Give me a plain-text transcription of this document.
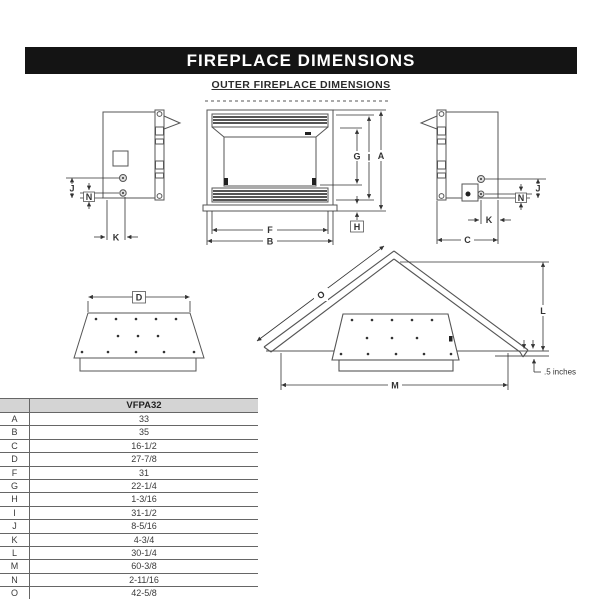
FIREPLACE DIMENSIONS
OUTER FIREPLACE DIMENSIONS
J
N
K
G I A
H
F
B
J
N
K
C
D	O
M
L
.5 inches
VFPA32
A	33
B	35
C	16-1/2
D	27-7/8
F	31
G	22-1/4
H	1-3/16
I	31-1/2
J	8-5/16
K	4-3/4
L	30-1/4
M	60-3/8
N	2-11/16
O	42-5/8
